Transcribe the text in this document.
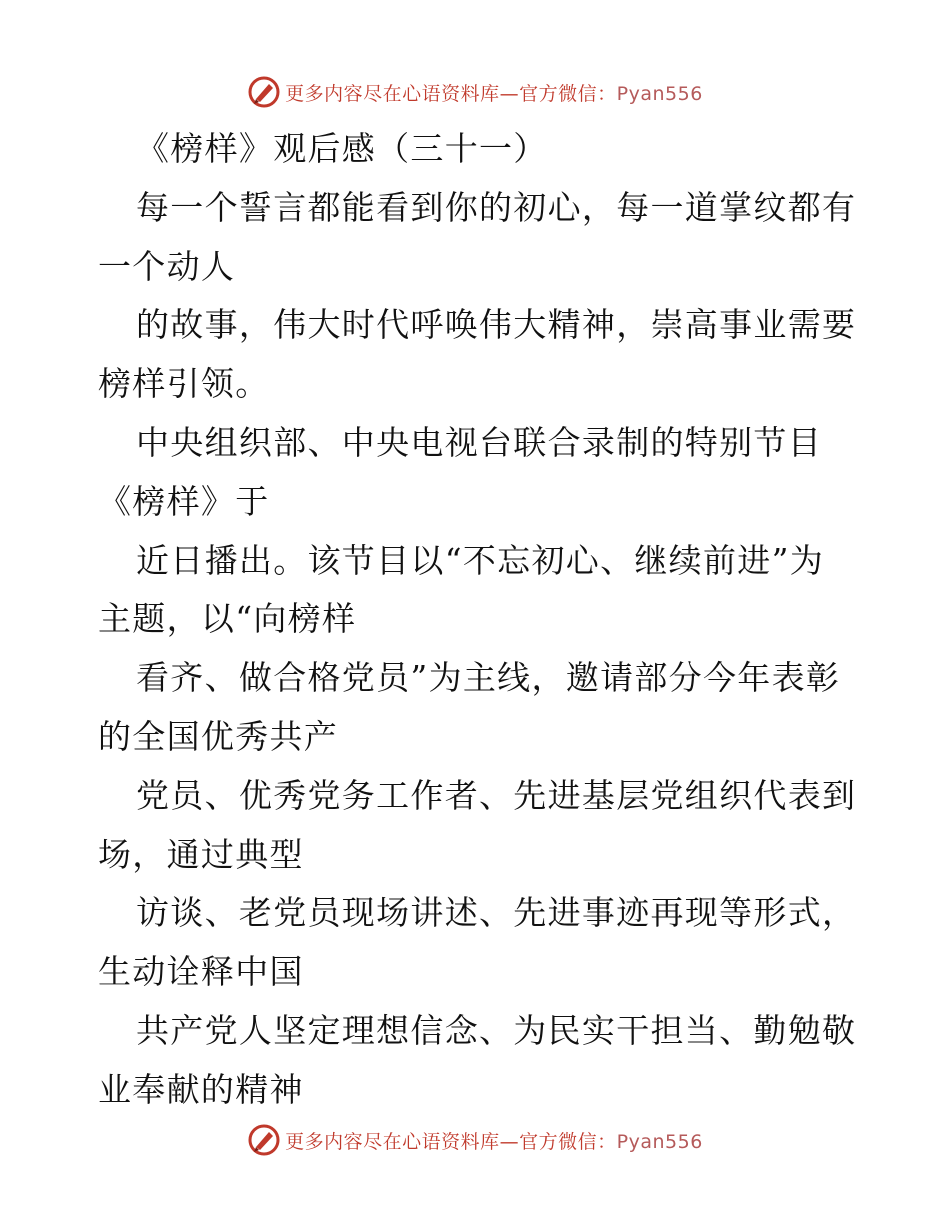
更多内容尽在心语资料库—官方微信：Pyan556
《榜样》观后感（三十一）
每一个誓言都能看到你的初心，每一道掌纹都有
一个动人
的故事，伟大时代呼唤伟大精神，崇高事业需要
榜样引领。
中央组织部、中央电视台联合录制的特别节目
《榜样》于
近日播出。该节目以“不忘初心、继续前进”为
主题，以“向榜样
看齐、做合格党员”为主线，邀请部分今年表彰
的全国优秀共产
党员、优秀党务工作者、先进基层党组织代表到
场，通过典型
访谈、老党员现场讲述、先进事迹再现等形式，
生动诠释中国
共产党人坚定理想信念、为民实干担当、勤勉敬
业奉献的精神
更多内容尽在心语资料库—官方微信：Pyan556
